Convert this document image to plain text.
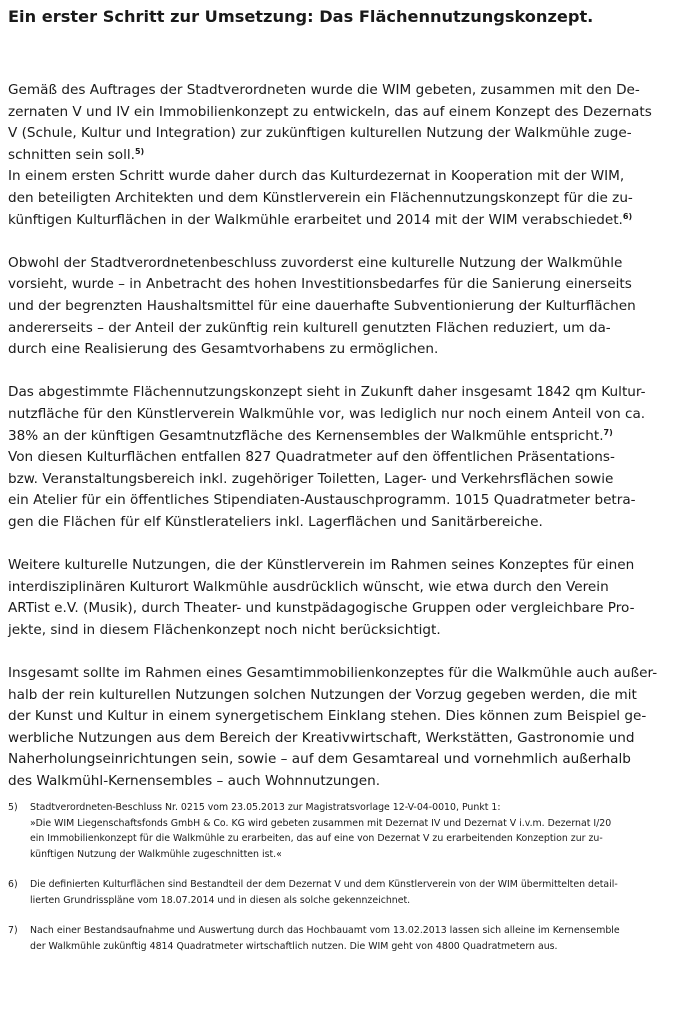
Ein erster Schritt zur Umsetzung: Das Flächennutzungskonzept.
Gemäß des Auftrages der Stadtverordneten wurde die WIM gebeten, zusammen mit den De-
zernaten V und IV ein Immobilienkonzept zu entwickeln, das auf einem Konzept des Dezernats
V (Schule, Kultur und Integration) zur zukünftigen kulturellen Nutzung der Walkmühle zuge-
schnitten sein soll.$^{5)}$
In einem ersten Schritt wurde daher durch das Kulturdezernat in Kooperation mit der WIM,
den beteiligten Architekten und dem Künstlerverein ein Flächennutzungskonzept für die zu-
künftigen Kulturflächen in der Walkmühle erarbeitet und 2014 mit der WIM verabschiedet.$^{6)}$
Obwohl der Stadtverordnetenbeschluss zuvorderst eine kulturelle Nutzung der Walkmühle
vorsieht, wurde – in Anbetracht des hohen Investitionsbedarfes für die Sanierung einerseits
und der begrenzten Haushaltsmittel für eine dauerhafte Subventionierung der Kulturflächen
andererseits – der Anteil der zukünftig rein kulturell genutzten Flächen reduziert, um da-
durch eine Realisierung des Gesamtvorhabens zu ermöglichen.
Das abgestimmte Flächennutzungskonzept sieht in Zukunft daher insgesamt 1842 qm Kultur-
nutzfläche für den Künstlerverein Walkmühle vor, was lediglich nur noch einem Anteil von ca.
38% an der künftigen Gesamtnutzfläche des Kernensembles der Walkmühle entspricht.$^{7)}$
Von diesen Kulturflächen entfallen 827 Quadratmeter auf den öffentlichen Präsentations-
bzw. Veranstaltungsbereich inkl. zugehöriger Toiletten, Lager- und Verkehrsflächen sowie
ein Atelier für ein öffentliches Stipendiaten-Austauschprogramm. 1015 Quadratmeter betra-
gen die Flächen für elf Künstlerateliers inkl. Lagerflächen und Sanitärbereiche.
Weitere kulturelle Nutzungen, die der Künstlerverein im Rahmen seines Konzeptes für einen
interdisziplinären Kulturort Walkmühle ausdrücklich wünscht, wie etwa durch den Verein
ARTist e.V. (Musik), durch Theater- und kunstpädagogische Gruppen oder vergleichbare Pro-
jekte, sind in diesem Flächenkonzept noch nicht berücksichtigt.
Insgesamt sollte im Rahmen eines Gesamtimmobilienkonzeptes für die Walkmühle auch außer-
halb der rein kulturellen Nutzungen solchen Nutzungen der Vorzug gegeben werden, die mit
der Kunst und Kultur in einem synergetischem Einklang stehen. Dies können zum Beispiel ge-
werbliche Nutzungen aus dem Bereich der Kreativwirtschaft, Werkstätten, Gastronomie und
Naherholungseinrichtungen sein, sowie – auf dem Gesamtareal und vornehmlich außerhalb
des Walkmühl-Kernensembles – auch Wohnnutzungen.
5)	Stadtverordneten-Beschluss Nr. 0215 vom 23.05.2013 zur Magistratsvorlage 12-V-04-0010, Punkt 1:
»Die WIM Liegenschaftsfonds GmbH & Co. KG wird gebeten zusammen mit Dezernat IV und Dezernat V i.v.m. Dezernat I/20
ein Immobilienkonzept für die Walkmühle zu erarbeiten, das auf eine von Dezernat V zu erarbeitenden Konzeption zur zu-
künftigen Nutzung der Walkmühle zugeschnitten ist.«
6)	Die definierten Kulturflächen sind Bestandteil der dem Dezernat V und dem Künstlerverein von der WIM übermittelten detail-
lierten Grundrisspläne vom 18.07.2014 und in diesen als solche gekennzeichnet.
7)	Nach einer Bestandsaufnahme und Auswertung durch das Hochbauamt vom 13.02.2013 lassen sich alleine im Kernensemble
der Walkmühle zukünftig 4814 Quadratmeter wirtschaftlich nutzen. Die WIM geht von 4800 Quadratmetern aus.
